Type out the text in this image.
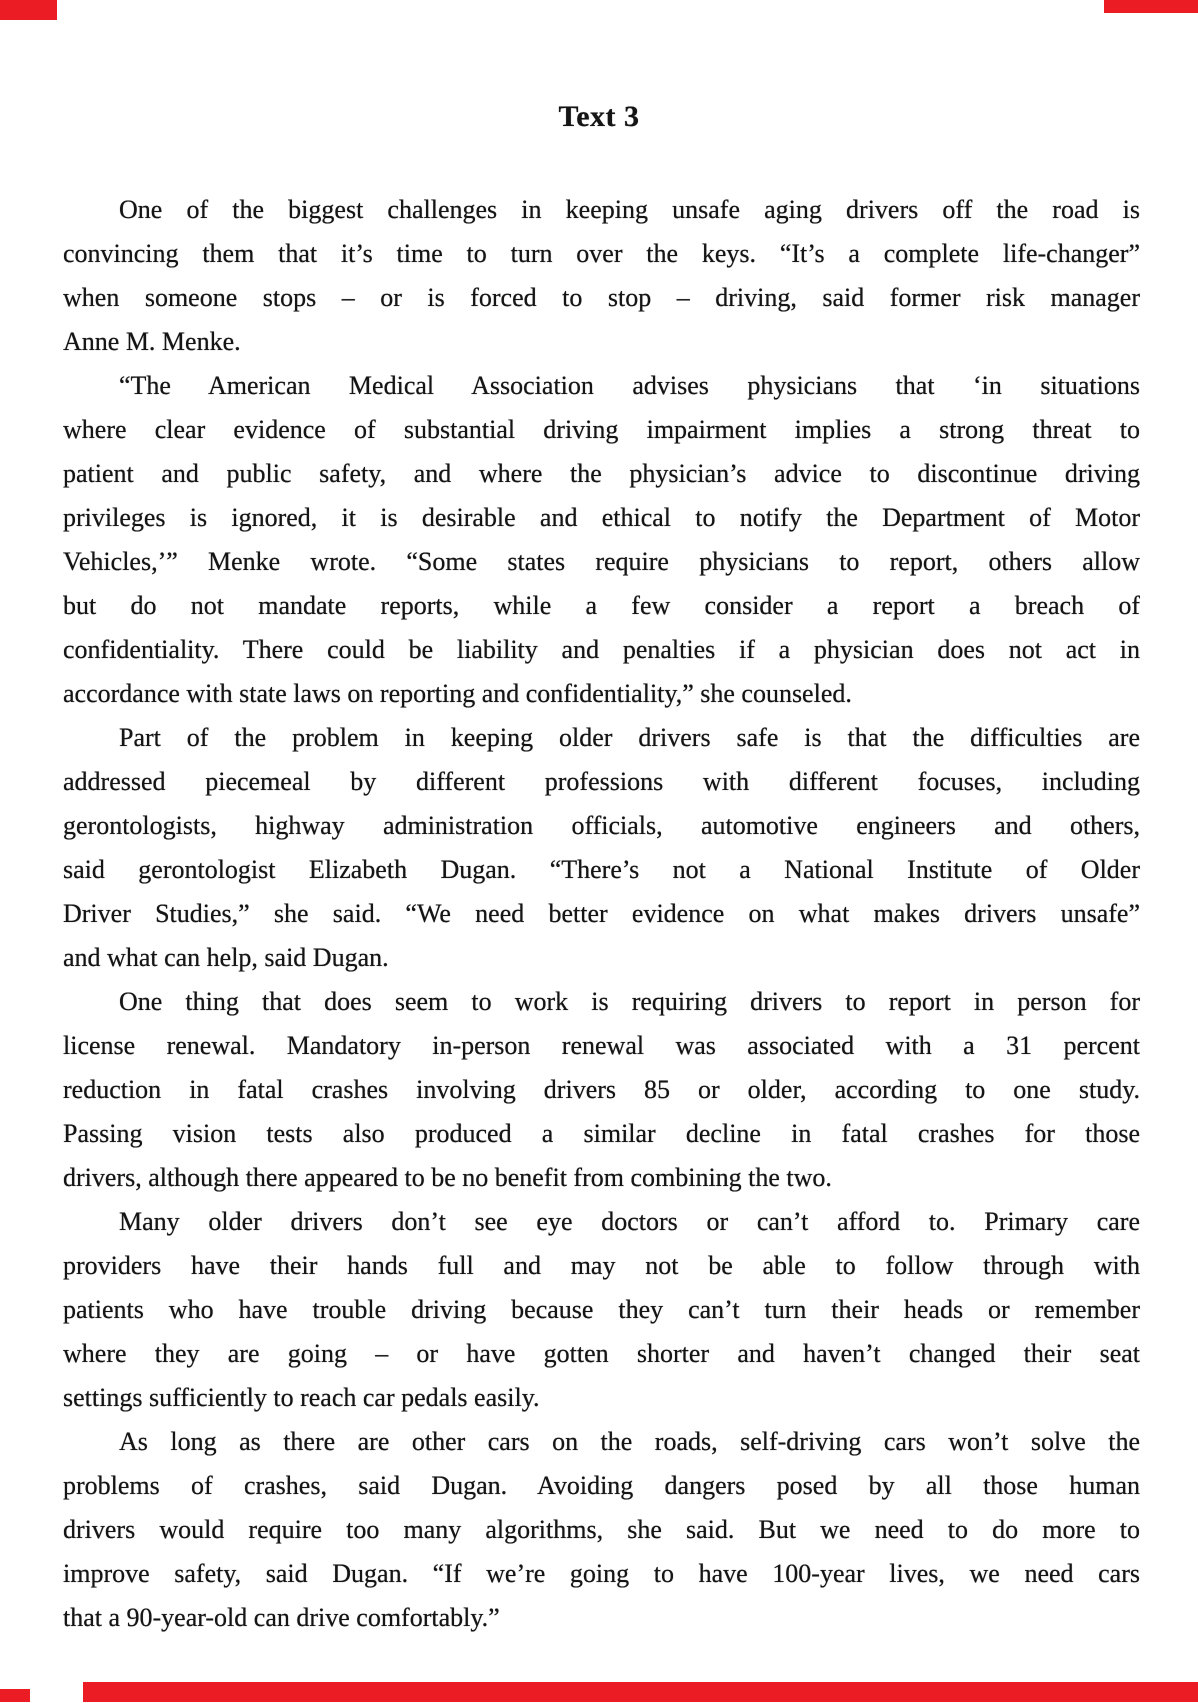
Text 3
One of the biggest challenges in keeping unsafe aging drivers off the road is
convincing them that it’s time to turn over the keys. “It’s a complete life-changer”
when someone stops – or is forced to stop – driving, said former risk manager
Anne M. Menke.
“The American Medical Association advises physicians that ‘in situations
where clear evidence of substantial driving impairment implies a strong threat to
patient and public safety, and where the physician’s advice to discontinue driving
privileges is ignored, it is desirable and ethical to notify the Department of Motor
Vehicles,’” Menke wrote. “Some states require physicians to report, others allow
but do not mandate reports, while a few consider a report a breach of
confidentiality. There could be liability and penalties if a physician does not act in
accordance with state laws on reporting and confidentiality,” she counseled.
Part of the problem in keeping older drivers safe is that the difficulties are
addressed piecemeal by different professions with different focuses, including
gerontologists, highway administration officials, automotive engineers and others,
said gerontologist Elizabeth Dugan. “There’s not a National Institute of Older
Driver Studies,” she said. “We need better evidence on what makes drivers unsafe”
and what can help, said Dugan.
One thing that does seem to work is requiring drivers to report in person for
license renewal. Mandatory in-person renewal was associated with a 31 percent
reduction in fatal crashes involving drivers 85 or older, according to one study.
Passing vision tests also produced a similar decline in fatal crashes for those
drivers, although there appeared to be no benefit from combining the two.
Many older drivers don’t see eye doctors or can’t afford to. Primary care
providers have their hands full and may not be able to follow through with
patients who have trouble driving because they can’t turn their heads or remember
where they are going – or have gotten shorter and haven’t changed their seat
settings sufficiently to reach car pedals easily.
As long as there are other cars on the roads, self-driving cars won’t solve the
problems of crashes, said Dugan. Avoiding dangers posed by all those human
drivers would require too many algorithms, she said. But we need to do more to
improve safety, said Dugan. “If we’re going to have 100-year lives, we need cars
that a 90-year-old can drive comfortably.”
